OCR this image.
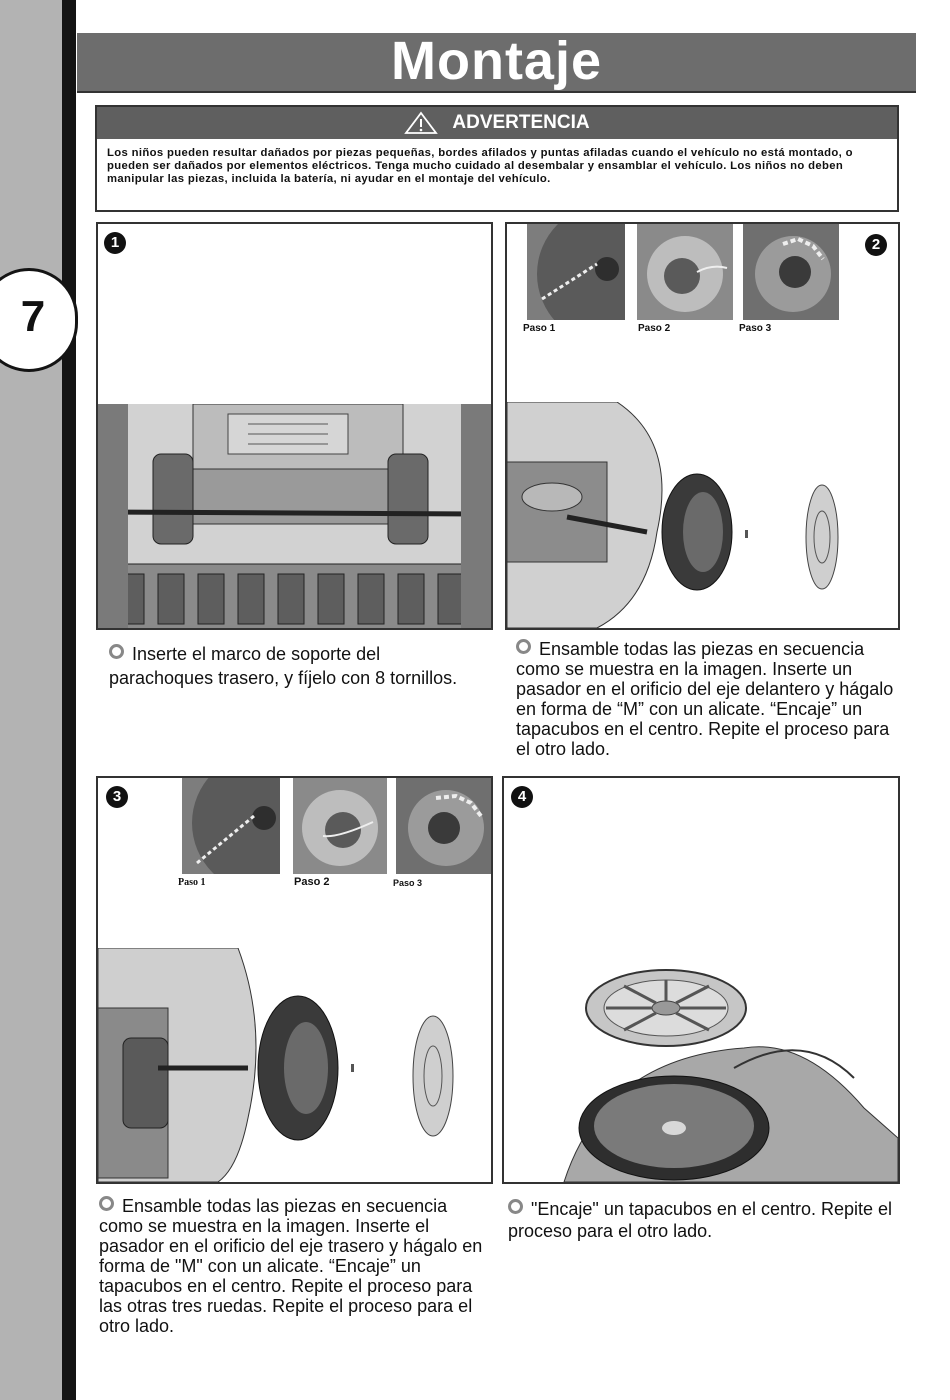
7
Montaje
ADVERTENCIA
Los niños pueden resultar dañados por piezas pequeñas, bordes afilados y puntas afiladas cuando el vehículo no está montado, o pueden ser dañados por elementos eléctricos. Tenga mucho cuidado al desembalar y ensamblar el vehículo. Los niños no deben manipular las piezas, incluida la batería, ni ayudar en el montaje del vehículo.
1	2
Paso 1	Paso 2	Paso 3
Inserte el marco de soporte del parachoques trasero, y fíjelo con 8 tornillos.
Ensamble todas las piezas en secuencia como se muestra en la imagen. Inserte un pasador en el orificio del eje delantero y hágalo en forma de “M” con un alicate. “Encaje” un tapacubos en el centro. Repite el proceso para el otro lado.
3
Paso 1	Paso 2	Paso 3
4
Ensamble todas las piezas en secuencia como se muestra en la imagen. Inserte el pasador en el orificio del eje trasero y hágalo en forma de "M" con un alicate. “Encaje” un tapacubos en el centro. Repite el proceso para las otras tres ruedas. Repite el proceso para el otro lado.
"Encaje" un tapacubos en el centro. Repite el proceso para el otro lado.
